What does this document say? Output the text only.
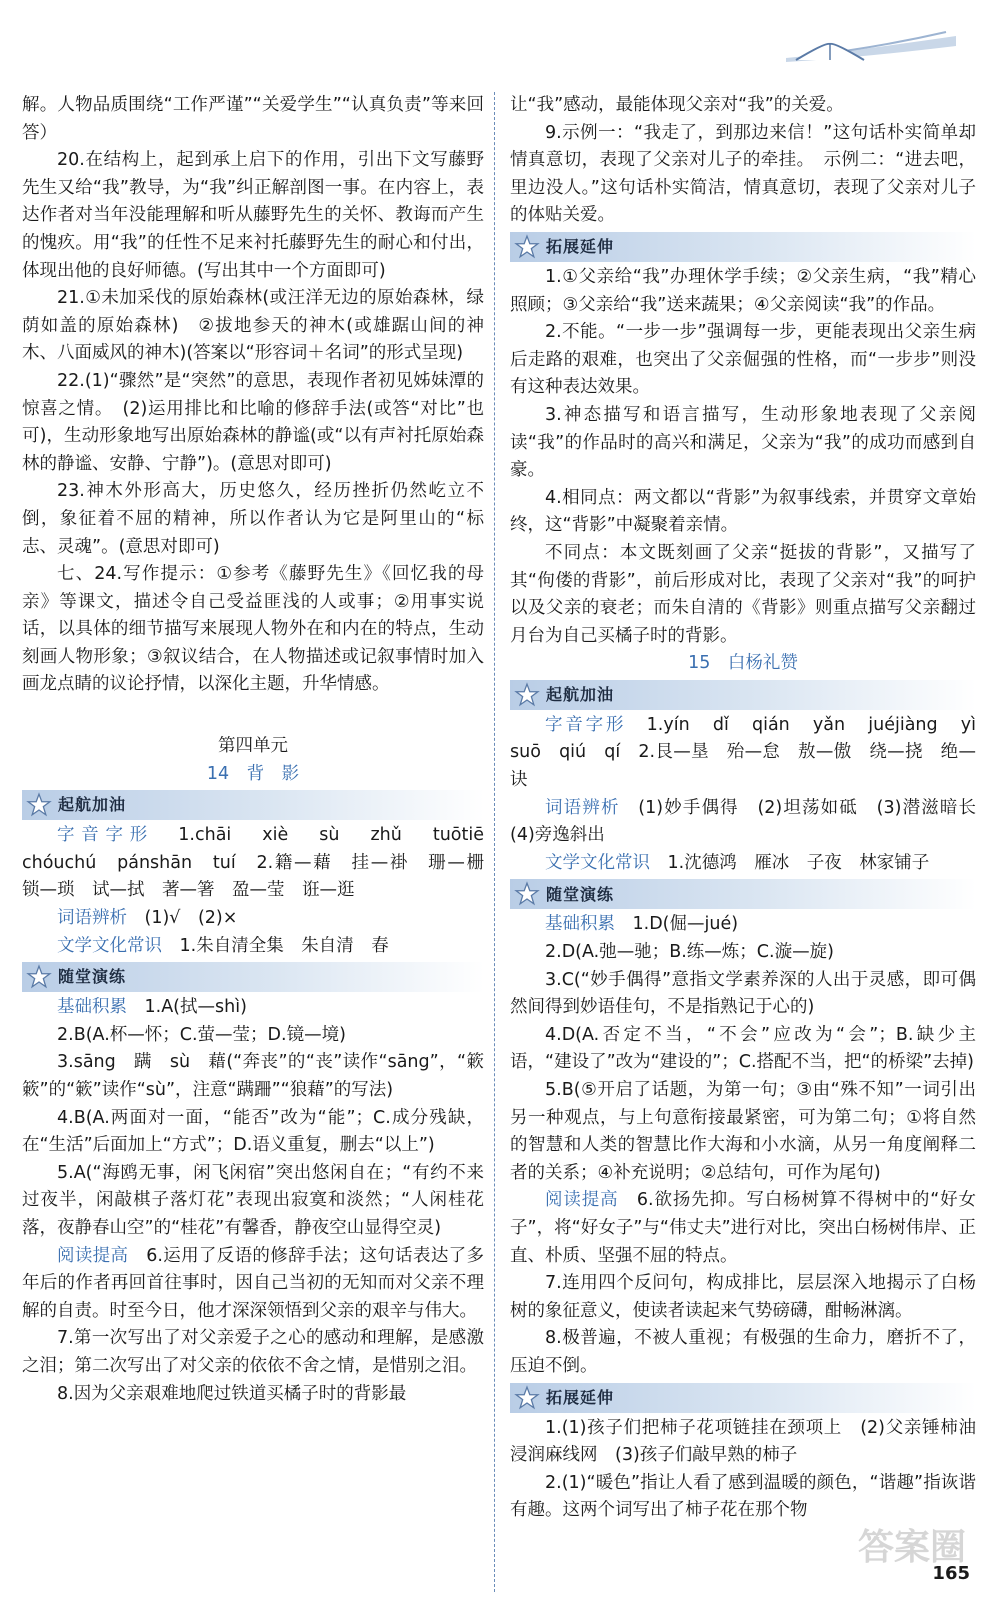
解。人物品质围绕“工作严谨”“关爱学生”“认真负责”等来回答）

20.在结构上，起到承上启下的作用，引出下文写藤野先生又给“我”教导，为“我”纠正解剖图一事。在内容上，表达作者对当年没能理解和听从藤野先生的关怀、教诲而产生的愧疚。用“我”的任性不足来衬托藤野先生的耐心和付出，体现出他的良好师德。(写出其中一个方面即可)

21.①未加采伐的原始森林(或汪洋无边的原始森林，绿荫如盖的原始森林)　②拔地参天的神木(或雄踞山间的神木、八面威风的神木)(答案以“形容词＋名词”的形式呈现)

22.(1)“骤然”是“突然”的意思，表现作者初见姊妹潭的惊喜之情。　(2)运用排比和比喻的修辞手法(或答“对比”也可)，生动形象地写出原始森林的静谧(或“以有声衬托原始森林的静谧、安静、宁静”)。(意思对即可)

23.神木外形高大，历史悠久，经历挫折仍然屹立不倒，象征着不屈的精神，所以作者认为它是阿里山的“标志、灵魂”。(意思对即可)

七、24.写作提示：①参考《藤野先生》《回忆我的母亲》等课文，描述令自己受益匪浅的人或事；②用事实说话，以具体的细节描写来展现人物外在和内在的特点，生动刻画人物形象；③叙议结合，在人物描述或记叙事情时加入画龙点睛的议论抒情，以深化主题，升华情感。

第四单元

14　背　影

起航加油

字音字形　 1.chāi　xiè　sù　zhǔ　tuōtiē　chóuchú　pánshān　tuí　2.籍—藉　挂—褂　珊—栅　锁—琐　试—拭　著—箸　盈—莹　诳—逛

词语辨析　 (1)√　(2)×

文学文化常识　 1.朱自清全集　朱自清　春

随堂演练

基础积累　 1.A(拭—shì)

2.B(A.杯—怀；C.萤—莹；D.镜—境)

3.sāng　蹒　sù　藉(“奔丧”的“丧”读作“sāng”，“簌簌”的“簌”读作“sù”，注意“蹒跚”“狼藉”的写法)

4.B(A.两面对一面，“能否”改为“能”；C.成分残缺，在“生活”后面加上“方式”；D.语义重复，删去“以上”)

5.A(“海鸥无事，闲飞闲宿”突出悠闲自在；“有约不来过夜半，闲敲棋子落灯花”表现出寂寞和淡然；“人闲桂花落，夜静春山空”的“桂花”有馨香，静夜空山显得空灵)

阅读提高　 6.运用了反语的修辞手法；这句话表达了多年后的作者再回首往事时，因自己当初的无知而对父亲不理解的自责。时至今日，他才深深领悟到父亲的艰辛与伟大。

7.第一次写出了对父亲爱子之心的感动和理解，是感激之泪；第二次写出了对父亲的依依不舍之情，是惜别之泪。

8.因为父亲艰难地爬过铁道买橘子时的背影最

让“我”感动，最能体现父亲对“我”的关爱。

9.示例一：“我走了，到那边来信！”这句话朴实简单却情真意切，表现了父亲对儿子的牵挂。　示例二：“进去吧，里边没人。”这句话朴实简洁，情真意切，表现了父亲对儿子的体贴关爱。

拓展延伸

1.①父亲给“我”办理休学手续；②父亲生病，“我”精心照顾；③父亲给“我”送来蔬果；④父亲阅读“我”的作品。

2.不能。“一步一步”强调每一步，更能表现出父亲生病后走路的艰难，也突出了父亲倔强的性格，而“一步步”则没有这种表达效果。

3.神态描写和语言描写，生动形象地表现了父亲阅读“我”的作品时的高兴和满足，父亲为“我”的成功而感到自豪。

4.相同点：两文都以“背影”为叙事线索，并贯穿文章始终，这“背影”中凝聚着亲情。

不同点：本文既刻画了父亲“挺拔的背影”，又描写了其“佝偻的背影”，前后形成对比，表现了父亲对“我”的呵护以及父亲的衰老；而朱自清的《背影》则重点描写父亲翻过月台为自己买橘子时的背影。

15　白杨礼赞

起航加油

字音字形　 1.yín　dǐ　qián　yǎn　juéjiàng　yì　suō　qiú　qí　2.艮—垦　殆—怠　敖—傲　绕—挠　绝—诀

词语辨析　 (1)妙手偶得　(2)坦荡如砥　(3)潜滋暗长　(4)旁逸斜出

文学文化常识　 1.沈德鸿　雁冰　子夜　林家铺子

随堂演练

基础积累　 1.D(倔—jué)

2.D(A.弛—驰；B.练—炼；C.漩—旋)

3.C(“妙手偶得”意指文学素养深的人出于灵感，即可偶然间得到妙语佳句，不是指熟记于心的)

4.D(A.否定不当，“不会”应改为“会”；B.缺少主语，“建设了”改为“建设的”；C.搭配不当，把“的桥梁”去掉)

5.B(⑤开启了话题，为第一句；③由“殊不知”一词引出另一种观点，与上句意衔接最紧密，可为第二句；①将自然的智慧和人类的智慧比作大海和小水滴，从另一角度阐释二者的关系；④补充说明；②总结句，可作为尾句)

阅读提高　 6.欲扬先抑。写白杨树算不得树中的“好女子”，将“好女子”与“伟丈夫”进行对比，突出白杨树伟岸、正直、朴质、坚强不屈的特点。

7.连用四个反问句，构成排比，层层深入地揭示了白杨树的象征意义，使读者读起来气势磅礴，酣畅淋漓。

8.极普遍，不被人重视；有极强的生命力，磨折不了，压迫不倒。

拓展延伸

1.(1)孩子们把柿子花项链挂在颈项上　(2)父亲锤柿油浸润麻线网　(3)孩子们敲早熟的柿子

2.(1)“暖色”指让人看了感到温暖的颜色，“谐趣”指诙谐有趣。这两个词写出了柿子花在那个物

答案圈
165
